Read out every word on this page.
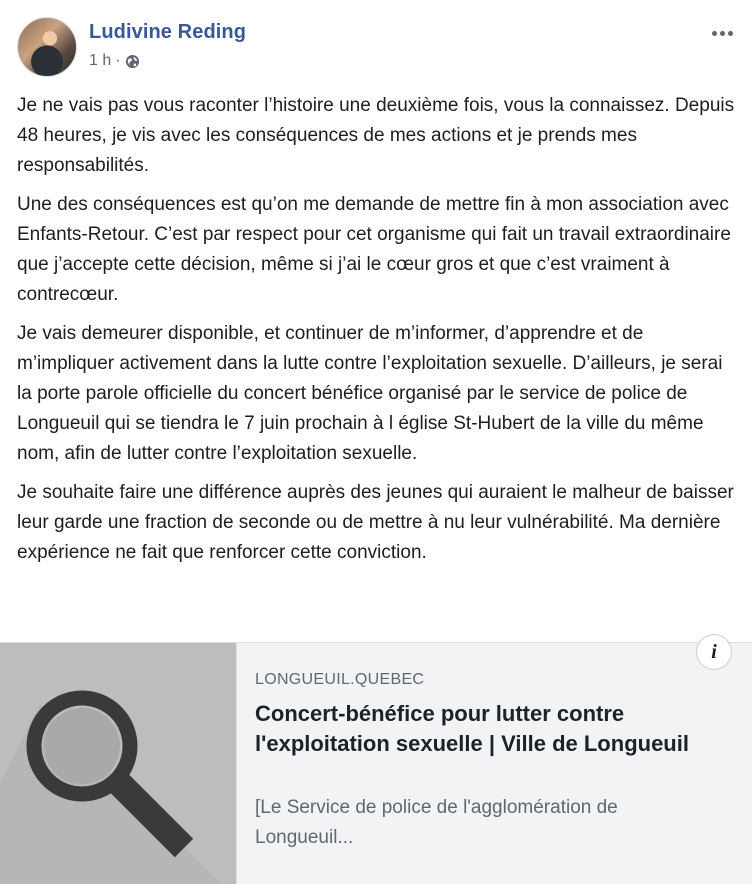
Ludivine Reding
1 h ·

Je ne vais pas vous raconter l’histoire une deuxième fois, vous la connaissez. Depuis 48 heures, je vis avec les conséquences de mes actions et je prends mes responsabilités.

Une des conséquences est qu’on me demande de mettre fin à mon association avec Enfants-Retour. C’est par respect pour cet organisme qui fait un travail extraordinaire que j’accepte cette décision, même si j’ai le cœur gros et que c’est vraiment à contrecœur.

Je vais demeurer disponible, et continuer de m’informer, d’apprendre et de m’impliquer activement dans la lutte contre l’exploitation sexuelle. D’ailleurs, je serai la porte parole officielle du concert bénéfice organisé par le service de police de Longueuil qui se tiendra le 7 juin prochain à l église St-Hubert de la ville du même nom, afin de lutter contre l’exploitation sexuelle.

Je souhaite faire une différence auprès des jeunes qui auraient le malheur de baisser leur garde une fraction de seconde ou de mettre à nu leur vulnérabilité. Ma dernière expérience ne fait que renforcer cette conviction.

LONGUEUIL.QUEBEC
Concert-bénéfice pour lutter contre l'exploitation sexuelle | Ville de Longueuil
[Le Service de police de l'agglomération de Longueuil...
i
